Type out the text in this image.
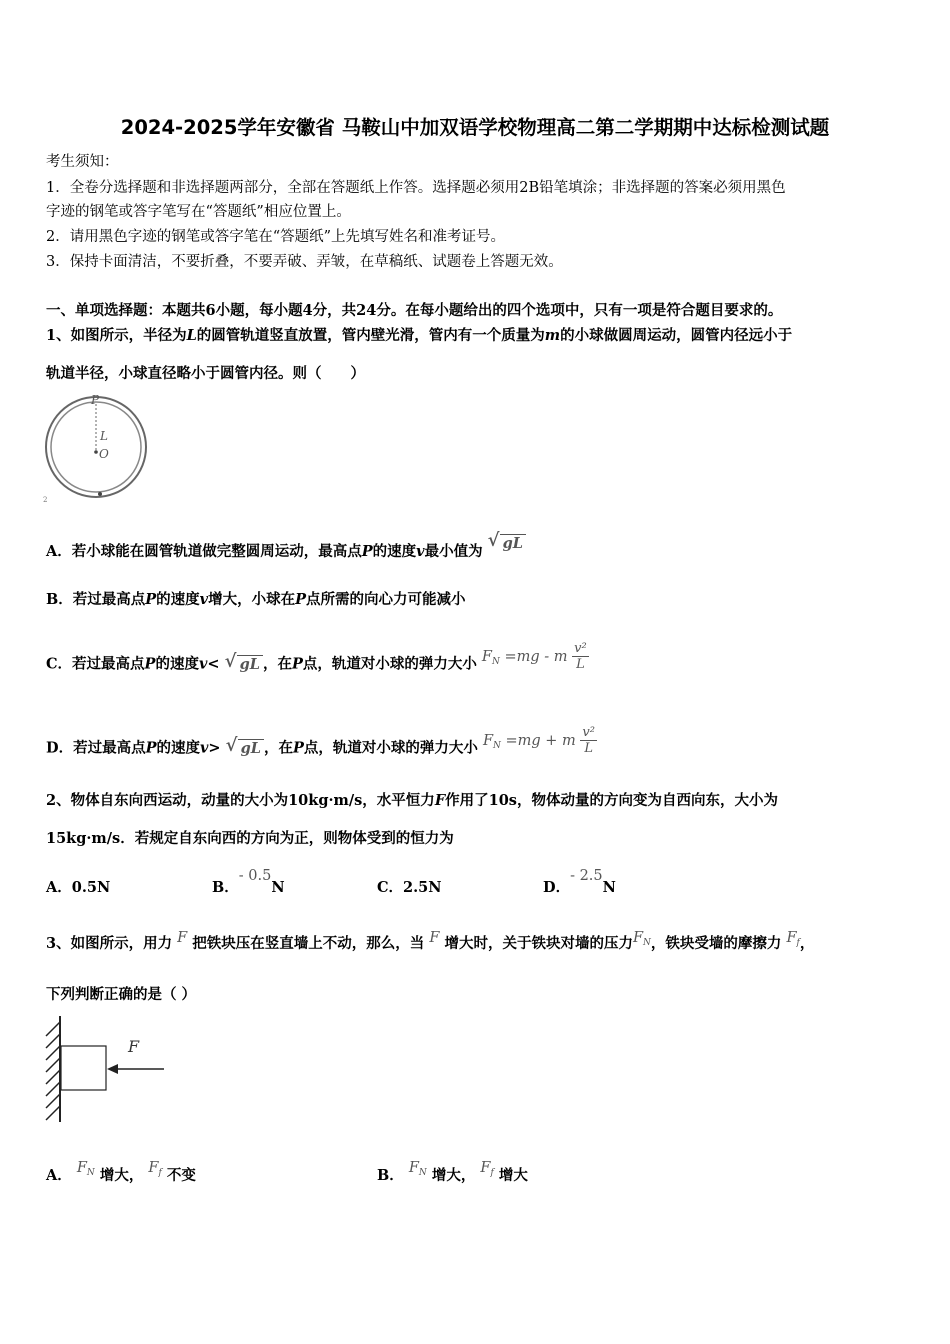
2024-2025学年安徽省 马鞍山中加双语学校物理高二第二学期期中达标检测试题
考生须知：
1．全卷分选择题和非选择题两部分，全部在答题纸上作答。选择题必须用2B铅笔填涂；非选择题的答案必须用黑色
字迹的钢笔或答字笔写在“答题纸”相应位置上。
2．请用黑色字迹的钢笔或答字笔在“答题纸”上先填写姓名和准考证号。
3．保持卡面清洁，不要折叠，不要弄破、弄皱，在草稿纸、试题卷上答题无效。
一、单项选择题：本题共6小题，每小题4分，共24分。在每小题给出的四个选项中，只有一项是符合题目要求的。
1、如图所示，半径为L的圆管轨道竖直放置，管内壁光滑，管内有一个质量为m的小球做圆周运动，圆管内径远小于
轨道半径，小球直径略小于圆管内径。则（　　）
P
L
O
2
A．若小球能在圆管轨道做完整圆周运动，最高点P的速度v最小值为
√ gL
B．若过最高点P的速度v增大，小球在P点所需的向心力可能减小
C．若过最高点P的速度v< √ gL ，在P点，轨道对小球的弹力大小 $F_N =mg - m \frac{\text{v²}}{L}$
D．若过最高点P的速度v> √ gL ，在P点，轨道对小球的弹力大小 $F_N =mg + m \frac{\text{v²}}{L}$
2、物体自东向西运动，动量的大小为10kg·m/s，水平恒力F作用了10s，物体动量的方向变为自西向东，大小为
15kg·m/s．若规定自东向西的方向为正，则物体受到的恒力为
A．0.5N	B．- 0.5N	C．2.5N	D．- 2.5N
3、如图所示，用力 F 把铁块压在竖直墙上不动，那么，当 F 增大时，关于铁块对墙的压力$F_N$，铁块受墙的摩擦力 $F_f$，
下列判断正确的是（ ）
F
A． $F_N$ 增大， $F_f$ 不变	B． $F_N$ 增大， $F_f$ 增大
